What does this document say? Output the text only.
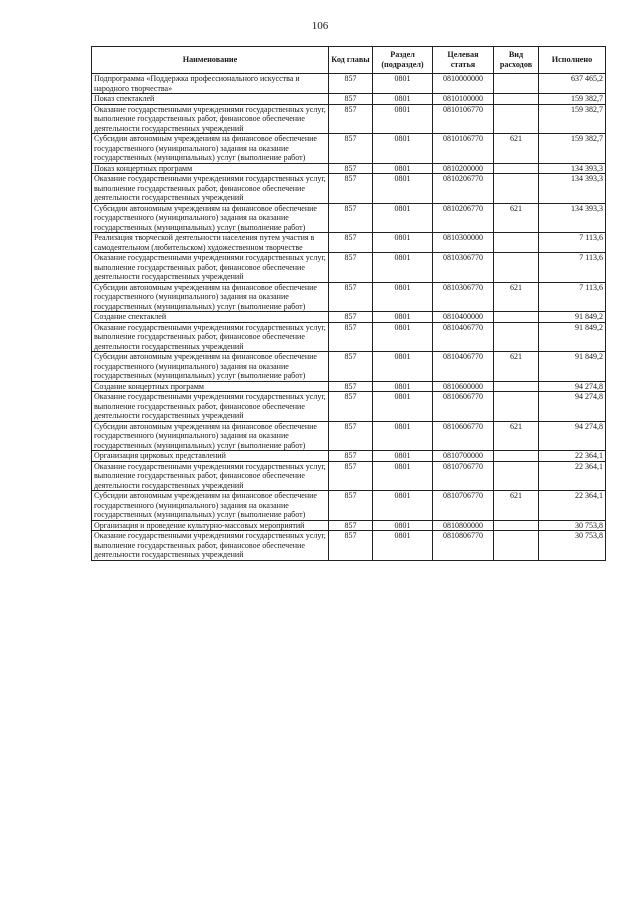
106
Наименование	Код главы	Раздел (подраздел)	Целевая статья	Вид расходов	Исполнено
Подпрограмма «Поддержка профессионального искусства и народного творчества»	857	0801	0810000000		637 465,2
Показ спектаклей	857	0801	0810100000		159 382,7
Оказание государственными учреждениями государственных услуг, выполнение государственных работ, финансовое обеспечение деятельности государственных учреждений	857	0801	0810106770		159 382,7
Субсидии автономным учреждениям на финансовое обеспечение государственного (муниципального) задания на оказание государственных (муниципальных) услуг (выполнение работ)	857	0801	0810106770	621	159 382,7
Показ концертных программ	857	0801	0810200000		134 393,3
Оказание государственными учреждениями государственных услуг, выполнение государственных работ, финансовое обеспечение деятельности государственных учреждений	857	0801	0810206770		134 393,3
Субсидии автономным учреждениям на финансовое обеспечение государственного (муниципального) задания на оказание государственных (муниципальных) услуг (выполнение работ)	857	0801	0810206770	621	134 393,3
Реализация творческой деятельности населения путем участия в самодеятельном (любительском) художественном творчестве	857	0801	0810300000		7 113,6
Оказание государственными учреждениями государственных услуг, выполнение государственных работ, финансовое обеспечение деятельности государственных учреждений	857	0801	0810306770		7 113,6
Субсидии автономным учреждениям на финансовое обеспечение государственного (муниципального) задания на оказание государственных (муниципальных) услуг (выполнение работ)	857	0801	0810306770	621	7 113,6
Создание спектаклей	857	0801	0810400000		91 849,2
Оказание государственными учреждениями государственных услуг, выполнение государственных работ, финансовое обеспечение деятельности государственных учреждений	857	0801	0810406770		91 849,2
Субсидии автономным учреждениям на финансовое обеспечение государственного (муниципального) задания на оказание государственных (муниципальных) услуг (выполнение работ)	857	0801	0810406770	621	91 849,2
Создание концертных программ	857	0801	0810600000		94 274,8
Оказание государственными учреждениями государственных услуг, выполнение государственных работ, финансовое обеспечение деятельности государственных учреждений	857	0801	0810606770		94 274,8
Субсидии автономным учреждениям на финансовое обеспечение государственного (муниципального) задания на оказание государственных (муниципальных) услуг (выполнение работ)	857	0801	0810606770	621	94 274,8
Организация цирковых представлений	857	0801	0810700000		22 364,1
Оказание государственными учреждениями государственных услуг, выполнение государственных работ, финансовое обеспечение деятельности государственных учреждений	857	0801	0810706770		22 364,1
Субсидии автономным учреждениям на финансовое обеспечение государственного (муниципального) задания на оказание государственных (муниципальных) услуг (выполнение работ)	857	0801	0810706770	621	22 364,1
Организация и проведение культурно-массовых мероприятий	857	0801	0810800000		30 753,8
Оказание государственными учреждениями государственных услуг, выполнение государственных работ, финансовое обеспечение деятельности государственных учреждений	857	0801	0810806770		30 753,8
